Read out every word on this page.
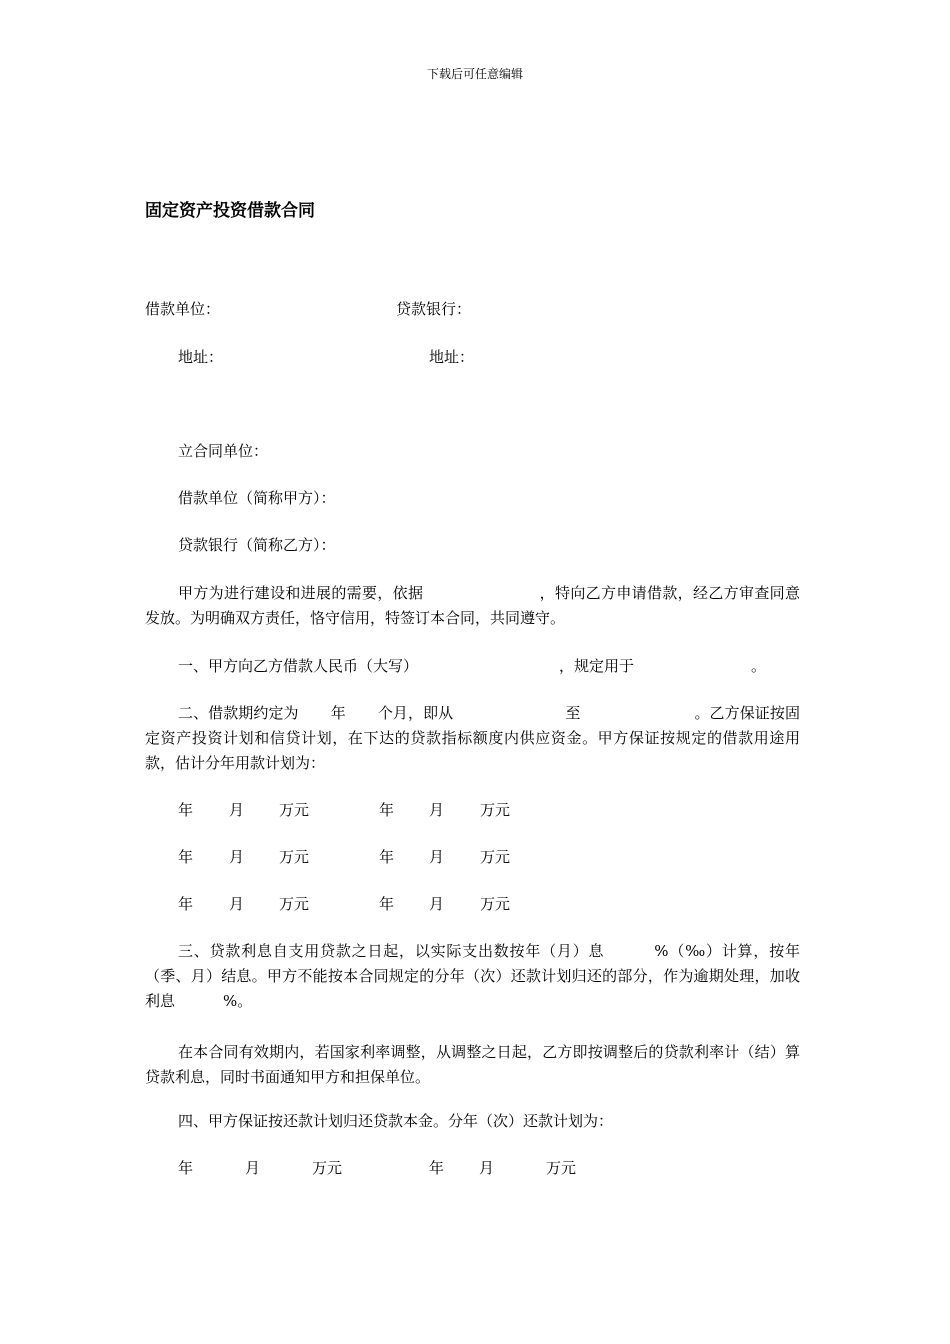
下载后可任意编辑
固定资产投资借款合同
借款单位：	贷款银行：
地址：	地址：
立合同单位：
借款单位（简称甲方）：
贷款银行（简称乙方）：
甲方为进行建设和进展的需要，依据	，特向乙方申请借款，经乙方审查同意发放。为明确双方责任，恪守信用，特签订本合同，共同遵守。
一、甲方向乙方借款人民币（大写）	，规定用于	。
二、借款期约定为 年 个月，即从	至	。乙方保证按固定资产投资计划和信贷计划，在下达的贷款指标额度内供应资金。甲方保证按规定的借款用途用款，估计分年用款计划为：
年 月 万元	年 月 万元
年 月 万元	年 月 万元
年 月 万元	年 月 万元
三、贷款利息自支用贷款之日起，以实际支出数按年（月）息	%（‰）计算，按年（季、月）结息。甲方不能按本合同规定的分年（次）还款计划归还的部分，作为逾期处理，加收利息	%。
在本合同有效期内，若国家利率调整，从调整之日起，乙方即按调整后的贷款利率计（结）算贷款利息，同时书面通知甲方和担保单位。
四、甲方保证按还款计划归还贷款本金。分年（次）还款计划为：
年	月	万元	年 月	万元
